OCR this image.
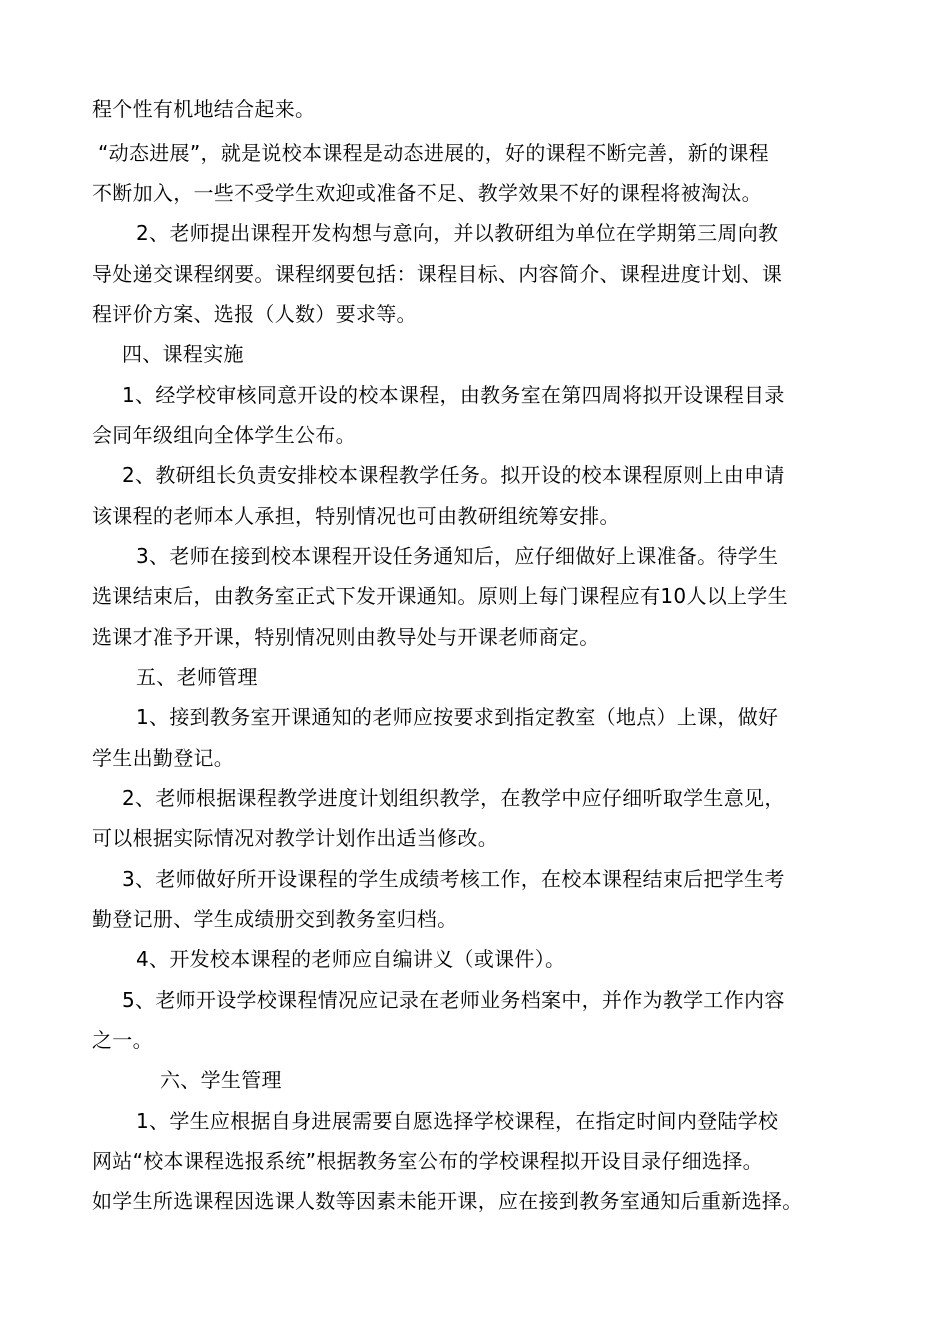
程个性有机地结合起来。
“动态进展”，就是说校本课程是动态进展的，好的课程不断完善，新的课程
不断加入，一些不受学生欢迎或准备不足、教学效果不好的课程将被淘汰。
2、老师提出课程开发构想与意向，并以教研组为单位在学期第三周向教
导处递交课程纲要。课程纲要包括：课程目标、内容简介、课程进度计划、课
程评价方案、选报（人数）要求等。
四、课程实施
1、经学校审核同意开设的校本课程，由教务室在第四周将拟开设课程目录
会同年级组向全体学生公布。
2、教研组长负责安排校本课程教学任务。拟开设的校本课程原则上由申请
该课程的老师本人承担，特别情况也可由教研组统筹安排。
3、老师在接到校本课程开设任务通知后，应仔细做好上课准备。待学生
选课结束后，由教务室正式下发开课通知。原则上每门课程应有10人以上学生
选课才准予开课，特别情况则由教导处与开课老师商定。
五、老师管理
1、接到教务室开课通知的老师应按要求到指定教室（地点）上课，做好
学生出勤登记。
2、老师根据课程教学进度计划组织教学，在教学中应仔细听取学生意见，
可以根据实际情况对教学计划作出适当修改。
3、老师做好所开设课程的学生成绩考核工作，在校本课程结束后把学生考
勤登记册、学生成绩册交到教务室归档。
4、开发校本课程的老师应自编讲义（或课件）。
5、老师开设学校课程情况应记录在老师业务档案中，并作为教学工作内容
之一。
六、学生管理
1、学生应根据自身进展需要自愿选择学校课程，在指定时间内登陆学校
网站“校本课程选报系统”根据教务室公布的学校课程拟开设目录仔细选择。
如学生所选课程因选课人数等因素未能开课，应在接到教务室通知后重新选择。
